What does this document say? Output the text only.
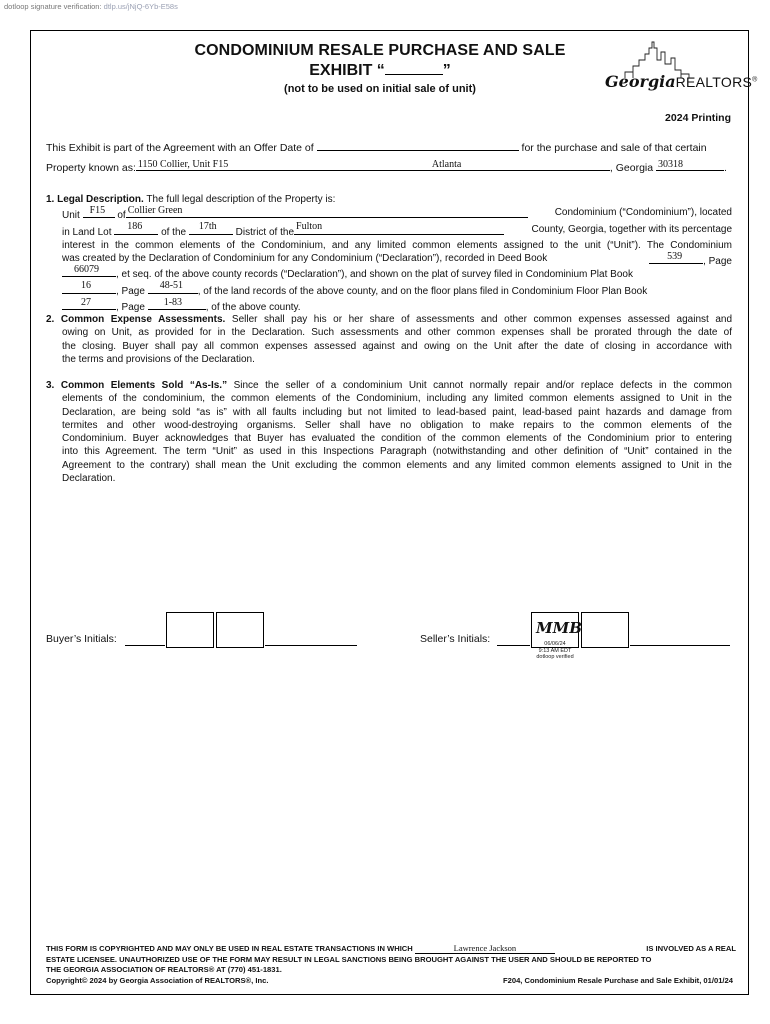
dotloop signature verification: dtlp.us/jNjQ-6Yb-E58s
CONDOMINIUM RESALE PURCHASE AND SALE
EXHIBIT “	”
(not to be used on initial sale of unit)	GeorgiaREALTORS®
2024 Printing
This Exhibit is part of the Agreement with an Offer Date of	for the purchase and sale of that certain
Property known as: 1150 Collier, Unit F15	Atlanta	, Georgia 30318	.
1. Legal Description. The full legal description of the Property is:
Unit F15 of Collier Green	Condominium (“Condominium”), located
in Land Lot 186 of the 17th District of the Fulton	County, Georgia, together with its percentage
interest in the common elements of the Condominium, and any limited common elements assigned to the unit (“Unit”). The Condominium
was created by the Declaration of Condominium for any Condominium (“Declaration”), recorded in Deed Book	539 , Page
66079 , et seq. of the above county records (“Declaration”), and shown on the plat of survey filed in Condominium Plat Book
16	, Page 48-51 , of the land records of the above county, and on the floor plans filed in Condominium Floor Plan Book
27	, Page 1-83 , of the above county.
2. Common Expense Assessments. Seller shall pay his or her share of assessments and other common expenses assessed against and
owing on Unit, as provided for in the Declaration. Such assessments and other common expenses shall be prorated through the date of
the closing. Buyer shall pay all common expenses assessed against and owing on the Unit after the date of closing in accordance with
the terms and provisions of the Declaration.
3. Common Elements Sold “As-Is.” Since the seller of a condominium Unit cannot normally repair and/or replace defects in the common
elements of the condominium, the common elements of the Condominium, including any limited common elements assigned to Unit in the
Declaration, are being sold “as is” with all faults including but not limited to lead-based paint, lead-based paint hazards and damage from
termites and other wood-destroying organisms. Seller shall have no obligation to make repairs to the common elements of the
Condominium. Buyer acknowledges that Buyer has evaluated the condition of the common elements of the Condominium prior to entering
into this Agreement. The term “Unit” as used in this Inspections Paragraph (notwithstanding and other definition of “Unit” contained in the
Agreement to the contrary) shall mean the Unit excluding the common elements and any limited common elements assigned to Unit in the
Declaration.
Buyer’s Initials:	Seller’s Initials:
MMB
06/06/24
9:13 AM EDT
dotloop verified
THIS FORM IS COPYRIGHTED AND MAY ONLY BE USED IN REAL ESTATE TRANSACTIONS IN WHICH	Lawrence Jackson	IS INVOLVED AS A REAL
ESTATE LICENSEE. UNAUTHORIZED USE OF THE FORM MAY RESULT IN LEGAL SANCTIONS BEING BROUGHT AGAINST THE USER AND SHOULD BE REPORTED TO
THE GEORGIA ASSOCIATION OF REALTORS® AT (770) 451-1831.
Copyright© 2024 by Georgia Association of REALTORS®, Inc.	F204, Condominium Resale Purchase and Sale Exhibit, 01/01/24
